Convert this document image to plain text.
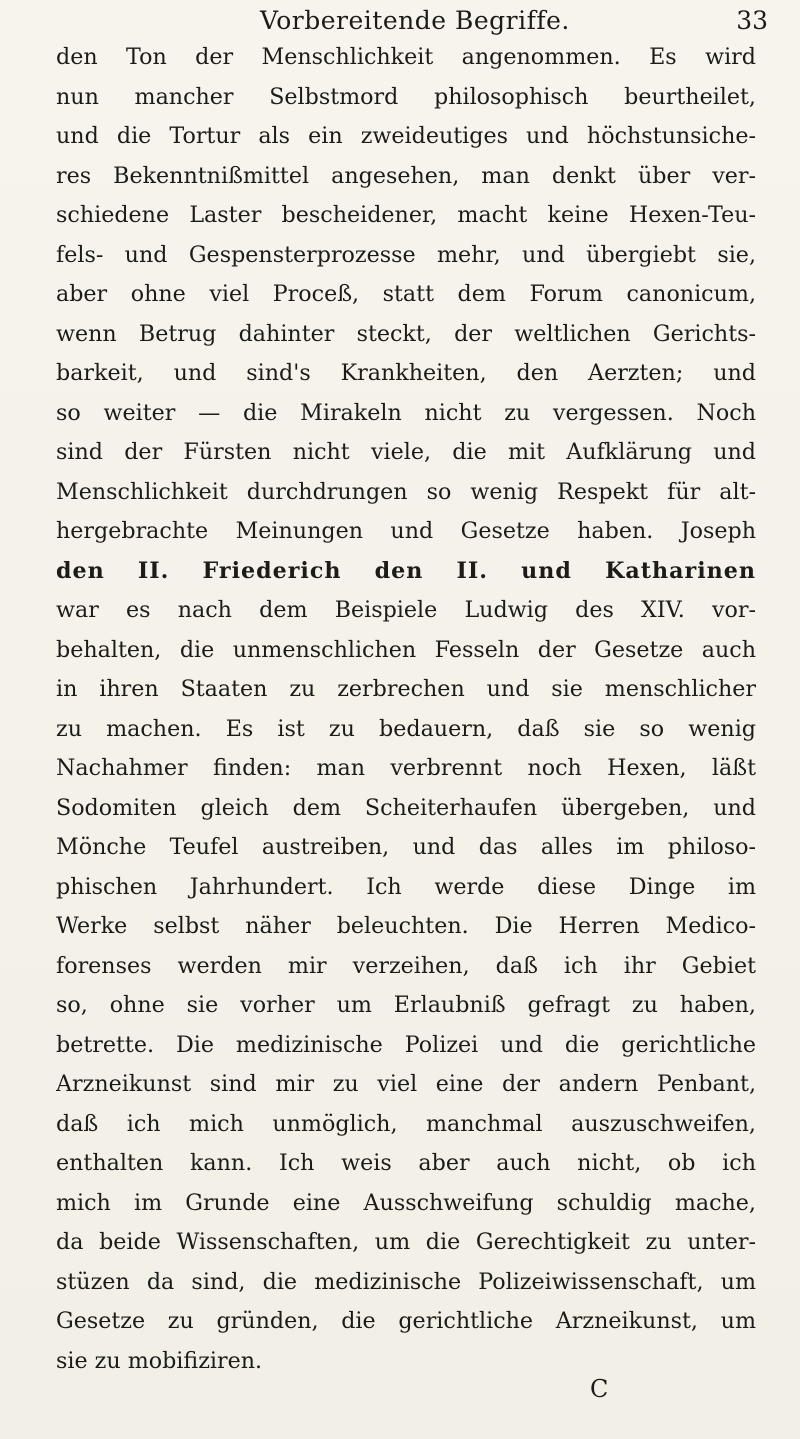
Vorbereitende Begriffe.	33
den Ton der Menschlichkeit angenommen. Es wird
nun mancher Selbstmord philosophisch beurtheilet,
und die Tortur als ein zweideutiges und höchstunsiche-
res Bekenntnißmittel angesehen, man denkt über ver-
schiedene Laster bescheidener, macht keine Hexen-Teu-
fels- und Gespensterprozesse mehr, und übergiebt sie,
aber ohne viel Proceß, statt dem Forum canonicum,
wenn Betrug dahinter steckt, der weltlichen Gerichts-
barkeit, und sind's Krankheiten, den Aerzten; und
so weiter — die Mirakeln nicht zu vergessen. Noch
sind der Fürsten nicht viele, die mit Aufklärung und
Menschlichkeit durchdrungen so wenig Respekt für alt-
hergebrachte Meinungen und Gesetze haben. Joseph
den II. Friederich den II. und Katharinen
war es nach dem Beispiele Ludwig des XIV. vor-
behalten, die unmenschlichen Fesseln der Gesetze auch
in ihren Staaten zu zerbrechen und sie menschlicher
zu machen. Es ist zu bedauern, daß sie so wenig
Nachahmer finden: man verbrennt noch Hexen, läßt
Sodomiten gleich dem Scheiterhaufen übergeben, und
Mönche Teufel austreiben, und das alles im philoso-
phischen Jahrhundert. Ich werde diese Dinge im
Werke selbst näher beleuchten. Die Herren Medico-
forenses werden mir verzeihen, daß ich ihr Gebiet
so, ohne sie vorher um Erlaubniß gefragt zu haben,
betrette. Die medizinische Polizei und die gerichtliche
Arzneikunst sind mir zu viel eine der andern Penbant,
daß ich mich unmöglich, manchmal auszuschweifen,
enthalten kann. Ich weis aber auch nicht, ob ich
mich im Grunde eine Ausschweifung schuldig mache,
da beide Wissenschaften, um die Gerechtigkeit zu unter-
stüzen da sind, die medizinische Polizeiwissenschaft, um
Gesetze zu gründen, die gerichtliche Arzneikunst, um
sie zu mobifiziren.
C
